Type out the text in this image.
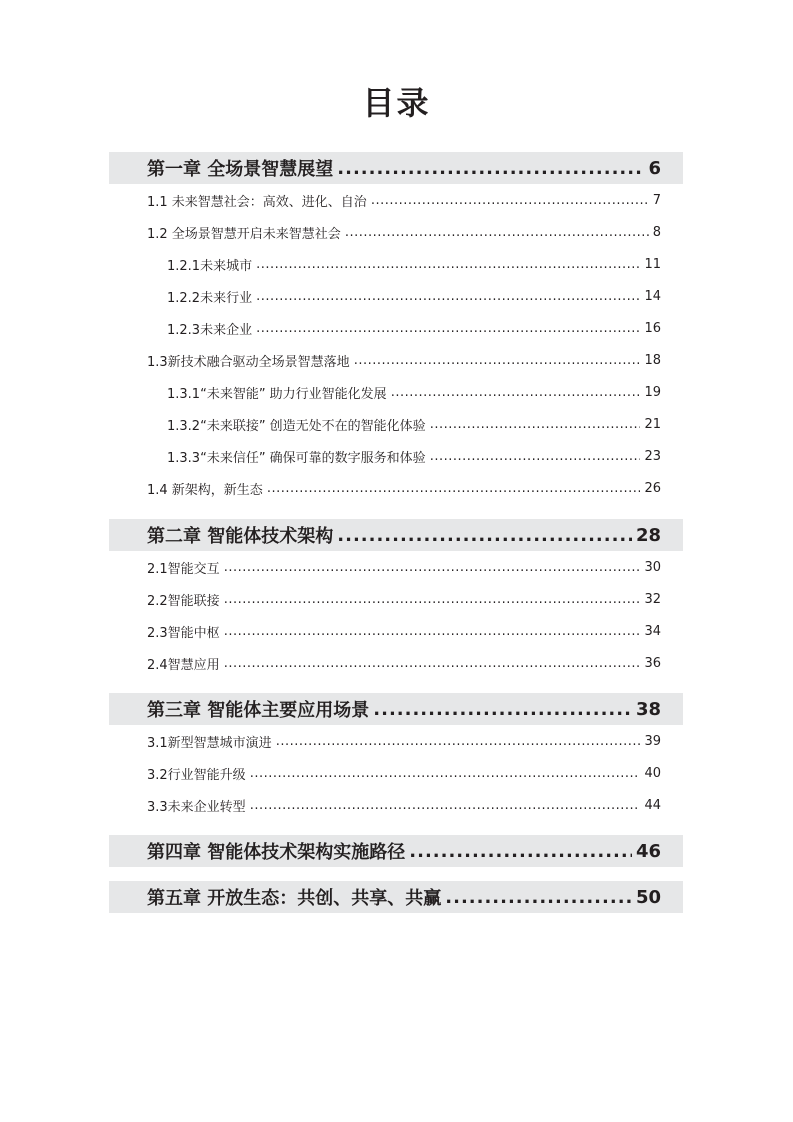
目录
第一章 全场景智慧展望 .....	6
1.1 未来智慧社会：高效、进化、自治 .....	7
1.2 全场景智慧开启未来智慧社会 .....	8
1.2.1未来城市 .....	11
1.2.2未来行业 .....	14
1.2.3未来企业 .....	16
1.3新技术融合驱动全场景智慧落地 .....	18
1.3.1“未来智能” 助力行业智能化发展 .....	19
1.3.2“未来联接” 创造无处不在的智能化体验 .....	21
1.3.3“未来信任” 确保可靠的数字服务和体验 .....	23
1.4 新架构，新生态 .....	26
第二章 智能体技术架构 .....	28
2.1智能交互 .....	30
2.2智能联接 .....	32
2.3智能中枢 .....	34
2.4智慧应用 .....	36
第三章 智能体主要应用场景 .....	38
3.1新型智慧城市演进 .....	39
3.2行业智能升级 .....	40
3.3未来企业转型 .....	44
第四章 智能体技术架构实施路径 .....	46
第五章 开放生态：共创、共享、共赢 .....	50
